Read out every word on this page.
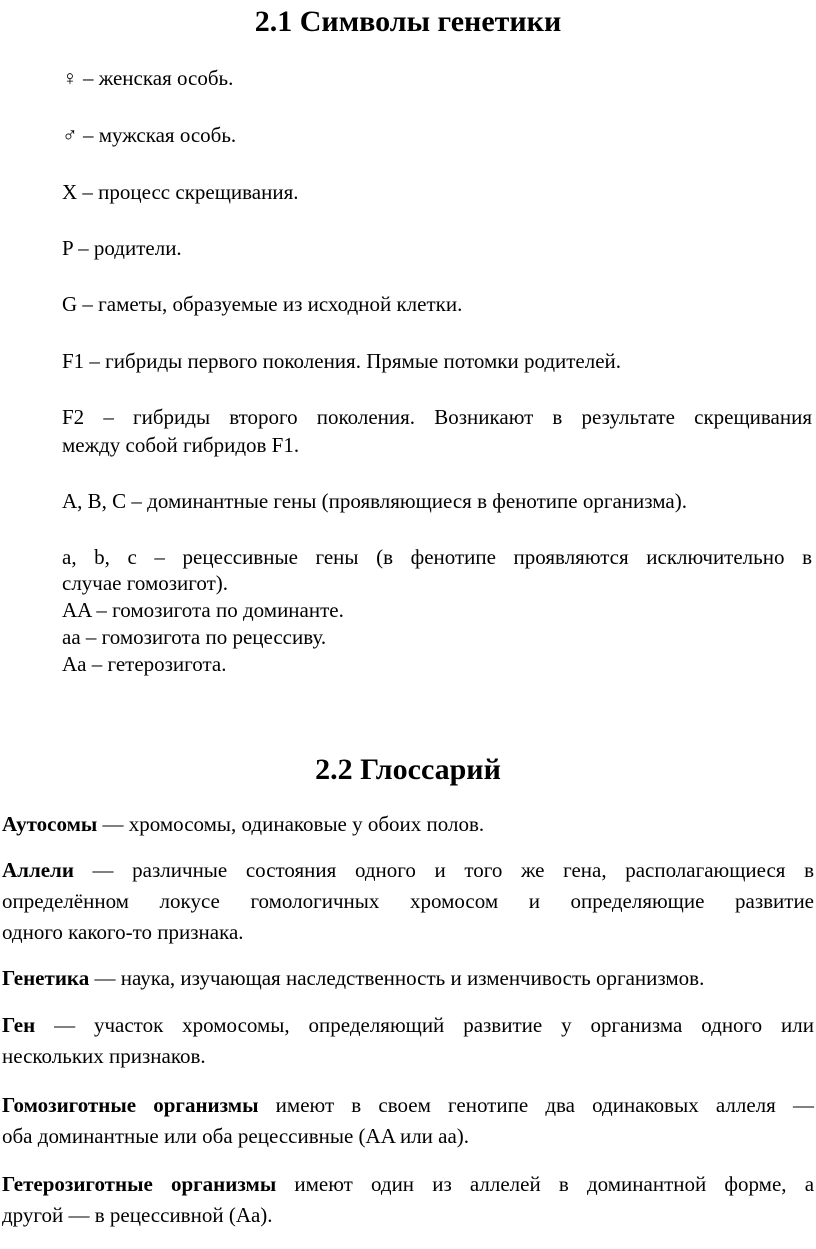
2.1 Символы генетики
♀ – женская особь.
♂ – мужская особь.
X – процесс скрещивания.
P – родители.
G – гаметы, образуемые из исходной клетки.
F1 – гибриды первого поколения. Прямые потомки родителей.
F2 – гибриды второго поколения. Возникают в результате скрещивания
между собой гибридов F1.
A, B, C – доминантные гены (проявляющиеся в фенотипе организма).
a, b, c – рецессивные гены (в фенотипе проявляются исключительно в
случае гомозигот).
AA – гомозигота по доминанте.
aa – гомозигота по рецессиву.
Aa – гетерозигота.
2.2 Глоссарий
Аутосомы — хромосомы, одинаковые у обоих полов.
Аллели — различные состояния одного и того же гена, располагающиеся в
определённом локусе гомологичных хромосом и определяющие развитие
одного какого-то признака.
Генетика — наука, изучающая наследственность и изменчивость организмов.
Ген — участок хромосомы, определяющий развитие у организма одного или
нескольких признаков.
Гомозиготные организмы имеют в своем генотипе два одинаковых аллеля —
оба доминантные или оба рецессивные (AA или aa).
Гетерозиготные организмы имеют один из аллелей в доминантной форме, а
другой — в рецессивной (Aa).
